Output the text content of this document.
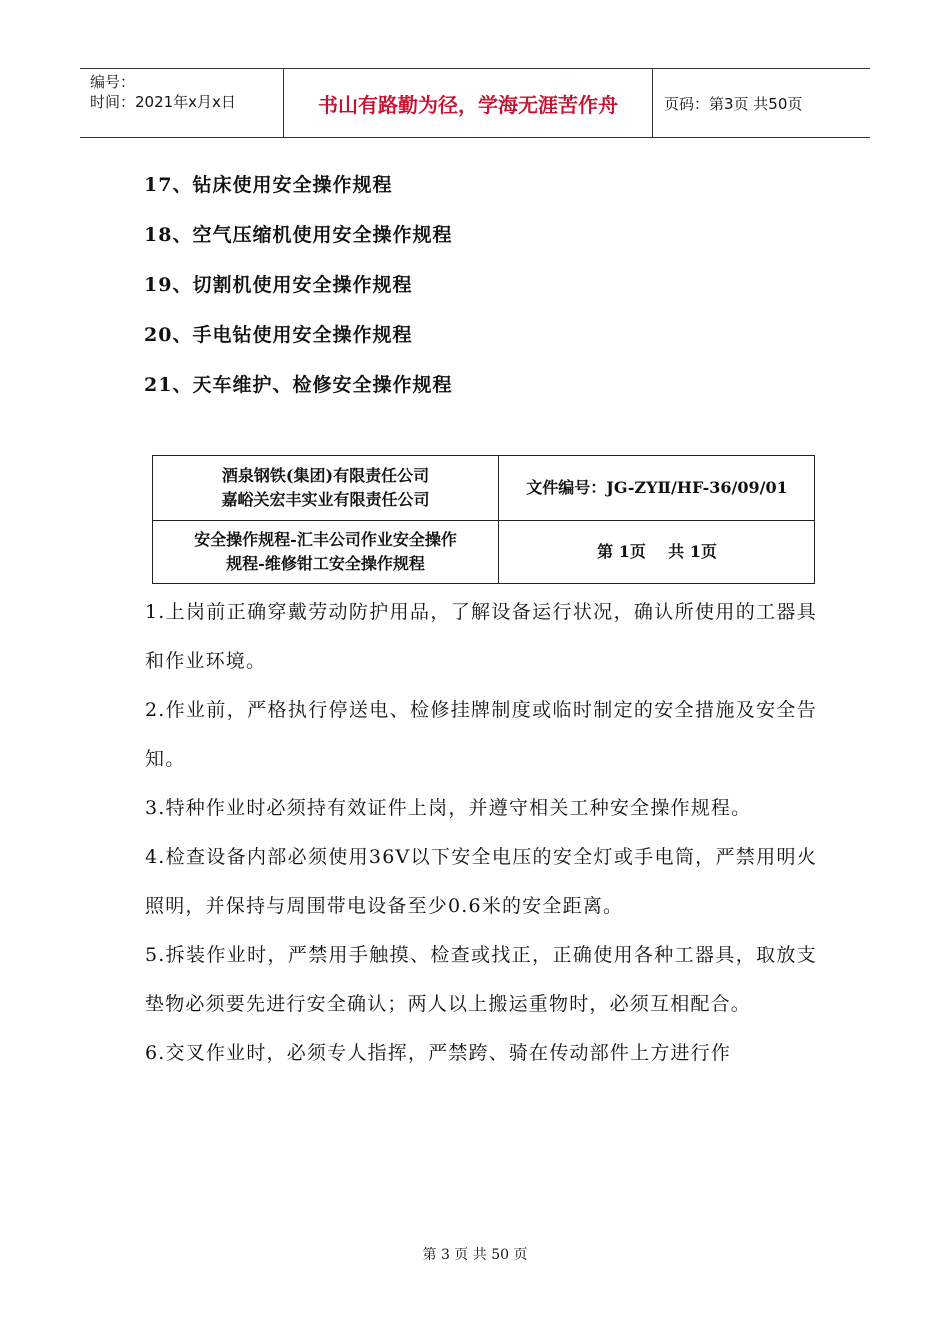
编号：
时间：2021年x月x日	书山有路勤为径，学海无涯苦作舟	页码：第3页 共50页
17、钻床使用安全操作规程
18、空气压缩机使用安全操作规程
19、切割机使用安全操作规程
20、手电钻使用安全操作规程
21、天车维护、检修安全操作规程
酒泉钢铁(集团)有限责任公司
嘉峪关宏丰实业有限责任公司
文件编号：JG-ZYⅡ/HF-36/09/01
安全操作规程-汇丰公司作业安全操作
规程-维修钳工安全操作规程
第 1页    共 1页

1.上岗前正确穿戴劳动防护用品，了解设备运行状况，确认所使用的工器具和作业环境。

2.作业前，严格执行停送电、检修挂牌制度或临时制定的安全措施及安全告知。

3.特种作业时必须持有效证件上岗，并遵守相关工种安全操作规程。

4.检查设备内部必须使用36V以下安全电压的安全灯或手电筒，严禁用明火照明，并保持与周围带电设备至少0.6米的安全距离。

5.拆装作业时，严禁用手触摸、检查或找正，正确使用各种工器具，取放支垫物必须要先进行安全确认；两人以上搬运重物时，必须互相配合。

6.交叉作业时，必须专人指挥，严禁跨、骑在传动部件上方进行作

第 3 页 共 50 页
